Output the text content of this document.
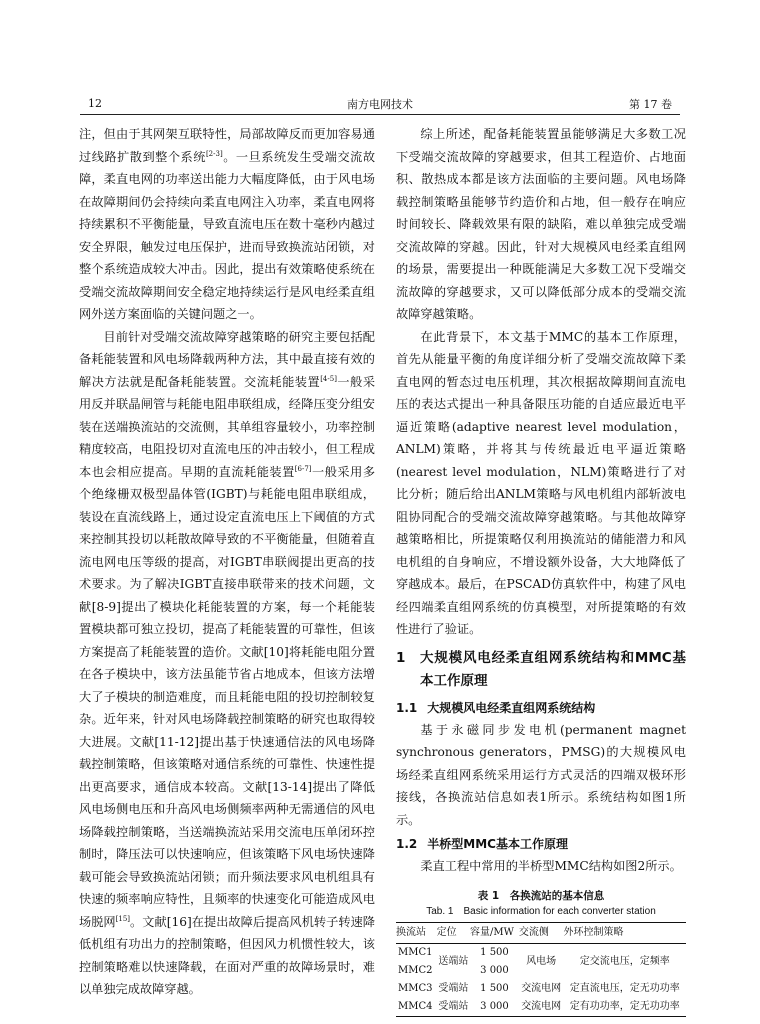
12	南方电网技术	第 17 卷

注，但由于其网架互联特性，局部故障反而更加容易通过线路扩散到整个系统[2-3]。一旦系统发生受端交流故障，柔直电网的功率送出能力大幅度降低，由于风电场在故障期间仍会持续向柔直电网注入功率，柔直电网将持续累积不平衡能量，导致直流电压在数十毫秒内越过安全界限，触发过电压保护，进而导致换流站闭锁，对整个系统造成较大冲击。因此，提出有效策略使系统在受端交流故障期间安全稳定地持续运行是风电经柔直组网外送方案面临的关键问题之一。

目前针对受端交流故障穿越策略的研究主要包括配备耗能装置和风电场降载两种方法，其中最直接有效的解决方法就是配备耗能装置。交流耗能装置[4-5]一般采用反并联晶闸管与耗能电阻串联组成，经降压变分组安装在送端换流站的交流侧，其单组容量较小，功率控制精度较高，电阻投切对直流电压的冲击较小，但工程成本也会相应提高。早期的直流耗能装置[6-7]一般采用多个绝缘栅双极型晶体管(IGBT)与耗能电阻串联组成，装设在直流线路上，通过设定直流电压上下阈值的方式来控制其投切以耗散故障导致的不平衡能量，但随着直流电网电压等级的提高，对IGBT串联阀提出更高的技术要求。为了解决IGBT直接串联带来的技术问题，文献[8-9]提出了模块化耗能装置的方案，每一个耗能装置模块都可独立投切，提高了耗能装置的可靠性，但该方案提高了耗能装置的造价。文献[10]将耗能电阻分置在各子模块中，该方法虽能节省占地成本，但该方法增大了子模块的制造难度，而且耗能电阻的投切控制较复杂。近年来，针对风电场降载控制策略的研究也取得较大进展。文献[11-12]提出基于快速通信法的风电场降载控制策略，但该策略对通信系统的可靠性、快速性提出更高要求，通信成本较高。文献[13-14]提出了降低风电场侧电压和升高风电场侧频率两种无需通信的风电场降载控制策略，当送端换流站采用交流电压单闭环控制时，降压法可以快速响应，但该策略下风电场快速降载可能会导致换流站闭锁；而升频法要求风电机组具有快速的频率响应特性，且频率的快速变化可能造成风电场脱网[15]。文献[16]在提出故障后提高风机转子转速降低机组有功出力的控制策略，但因风力机惯性较大，该控制策略难以快速降载，在面对严重的故障场景时，难以单独完成故障穿越。

综上所述，配备耗能装置虽能够满足大多数工况下受端交流故障的穿越要求，但其工程造价、占地面积、散热成本都是该方法面临的主要问题。风电场降载控制策略虽能够节约造价和占地，但一般存在响应时间较长、降载效果有限的缺陷，难以单独完成受端交流故障的穿越。因此，针对大规模风电经柔直组网的场景，需要提出一种既能满足大多数工况下受端交流故障的穿越要求，又可以降低部分成本的受端交流故障穿越策略。

在此背景下，本文基于MMC的基本工作原理，首先从能量平衡的角度详细分析了受端交流故障下柔直电网的暂态过电压机理，其次根据故障期间直流电压的表达式提出一种具备限压功能的自适应最近电平逼近策略(adaptive nearest level modulation，ANLM)策略，并将其与传统最近电平逼近策略(nearest level modulation，NLM)策略进行了对比分析；随后给出ANLM策略与风电机组内部斩波电阻协同配合的受端交流故障穿越策略。与其他故障穿越策略相比，所提策略仅利用换流站的储能潜力和风电机组的自身响应，不增设额外设备，大大地降低了穿越成本。最后，在PSCAD仿真软件中，构建了风电经四端柔直组网系统的仿真模型，对所提策略的有效性进行了验证。

1	大规模风电经柔直组网系统结构和MMC基本工作原理
1.1 大规模风电经柔直组网系统结构

基于永磁同步发电机(permanent magnet synchronous generators，PMSG)的大规模风电场经柔直组网系统采用运行方式灵活的四端双极环形接线，各换流站信息如表1所示。系统结构如图1所示。

1.2 半桥型MMC基本工作原理

柔直工程中常用的半桥型MMC结构如图2所示。

表 1　各换流站的基本信息
Tab. 1　Basic information for each converter station
换流站	定位	容量/MW	交流侧	外环控制策略
MMC1	送端站	1 500	风电场	定交流电压，定频率
MMC2		3 000		
MMC3	受端站	1 500	交流电网	定直流电压，定无功功率
MMC4	受端站	3 000	交流电网	定有功功率，定无功功率
